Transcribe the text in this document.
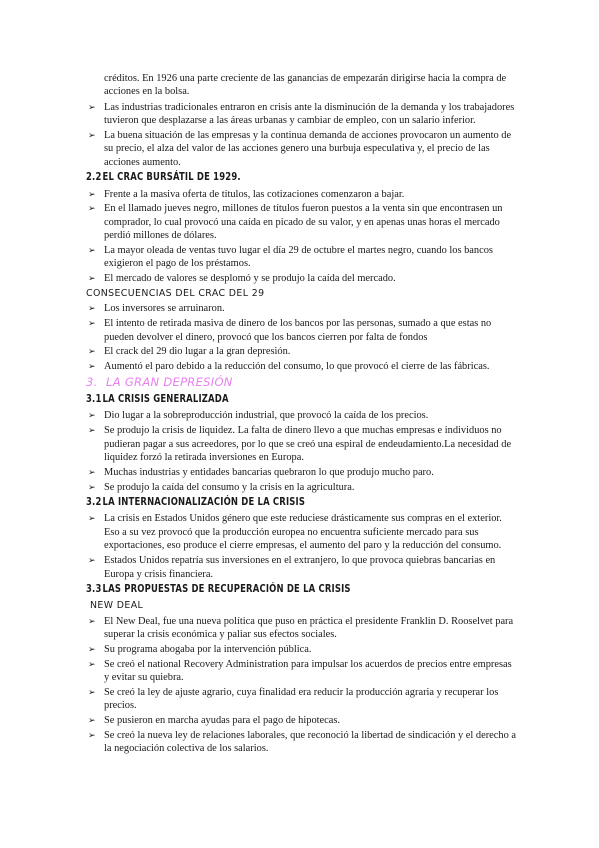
créditos. En 1926 una parte creciente de las ganancias de empezarán dirigirse hacia la compra de acciones en la bolsa.
➢ Las industrias tradicionales entraron en crisis ante la disminución de la demanda y los trabajadores tuvieron que desplazarse a las áreas urbanas y cambiar de empleo, con un salario inferior.
➢ La buena situación de las empresas y la continua demanda de acciones provocaron un aumento de su precio, el alza del valor de las acciones genero una burbuja especulativa y, el precio de las acciones aumento.
2.2EL CRAC BURSÁTIL DE 1929.
➢ Frente a la masiva oferta de títulos, las cotizaciones comenzaron a bajar.
➢ En el llamado jueves negro, millones de títulos fueron puestos a la venta sin que encontrasen un comprador, lo cual provocó una caída en picado de su valor, y en apenas unas horas el mercado perdió millones de dólares.
➢ La mayor oleada de ventas tuvo lugar el día 29 de octubre el martes negro, cuando los bancos exigieron el pago de los préstamos.
➢ El mercado de valores se desplomó y se produjo la caída del mercado.
CONSECUENCIAS DEL CRAC DEL 29
➢ Los inversores se arruinaron.
➢ El intento de retirada masiva de dinero de los bancos por las personas, sumado a que estas no pueden devolver el dinero, provocó que los bancos cierren por falta de fondos
➢ El crack del 29 dio lugar a la gran depresión.
➢ Aumentó el paro debido a la reducción del consumo, lo que provocó el cierre de las fábricas.
3. LA GRAN DEPRESIÓN
3.1LA CRISIS GENERALIZADA
➢ Dio lugar a la sobreproducción industrial, que provocó la caída de los precios.
➢ Se produjo la crisis de liquidez. La falta de dinero llevo a que muchas empresas e individuos no pudieran pagar a sus acreedores, por lo que se creó una espiral de endeudamiento.La necesidad de liquidez forzó la retirada inversiones en Europa.
➢ Muchas industrias y entidades bancarias quebraron lo que produjo mucho paro.
➢ Se produjo la caída del consumo y la crisis en la agricultura.
3.2LA INTERNACIONALIZACIÓN DE LA CRISIS
➢ La crisis en Estados Unidos género que este reduciese drásticamente sus compras en el exterior. Eso a su vez provocó que la producción europea no encuentra suficiente mercado para sus exportaciones, eso produce el cierre empresas, el aumento del paro y la reducción del consumo.
➢ Estados Unidos repatría sus inversiones en el extranjero, lo que provoca quiebras bancarias en Europa y crisis financiera.
3.3LAS PROPUESTAS DE RECUPERACIÓN DE LA CRISIS
NEW DEAL
➢ El New Deal, fue una nueva política que puso en práctica el presidente Franklin D. Rooselvet para superar la crisis económica y paliar sus efectos sociales.
➢ Su programa abogaba por la intervención pública.
➢ Se creó el national Recovery Administration para impulsar los acuerdos de precios entre empresas y evitar su quiebra.
➢ Se creó la ley de ajuste agrario, cuya finalidad era reducir la producción agraria y recuperar los precios.
➢ Se pusieron en marcha ayudas para el pago de hipotecas.
➢ Se creó la nueva ley de relaciones laborales, que reconoció la libertad de sindicación y el derecho a la negociación colectiva de los salarios.
